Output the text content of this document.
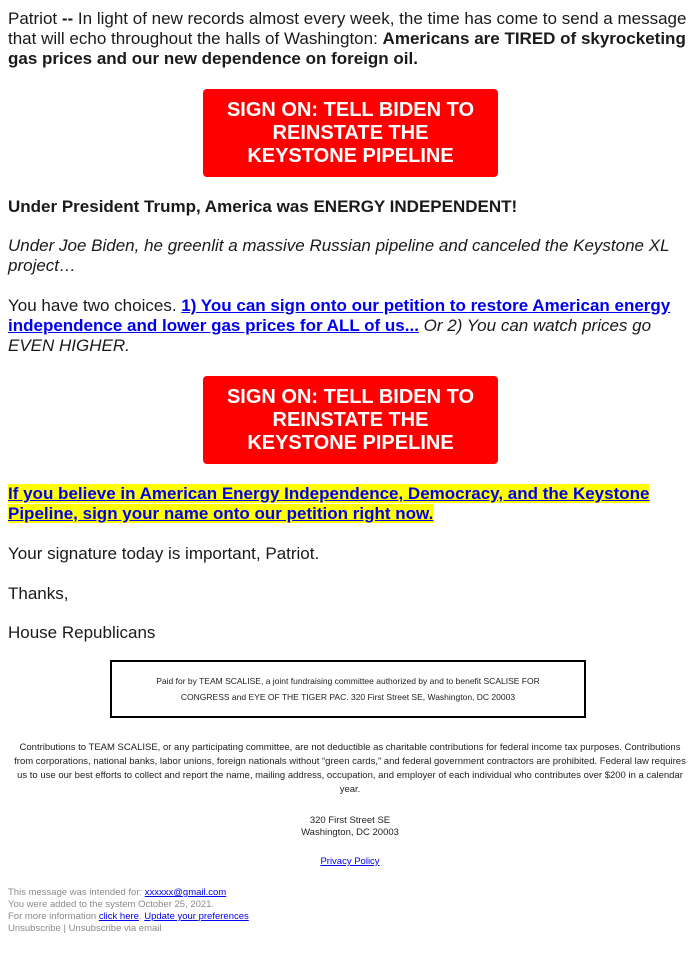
Patriot -- In light of new records almost every week, the time has come to send a message that will echo throughout the halls of Washington: Americans are TIRED of skyrocketing gas prices and our new dependence on foreign oil.

Under President Trump, America was ENERGY INDEPENDENT!

Under Joe Biden, he greenlit a massive Russian pipeline and canceled the Keystone XL project…

You have two choices. 1) You can sign onto our petition to restore American energy independence and lower gas prices for ALL of us... Or 2) You can watch prices go EVEN HIGHER.

If you believe in American Energy Independence, Democracy, and the Keystone Pipeline, sign your name onto our petition right now.

Your signature today is important, Patriot.

Thanks,

House Republicans

SIGN ON: TELL BIDEN TO REINSTATE THE KEYSTONE PIPELINE
SIGN ON: TELL BIDEN TO REINSTATE THE KEYSTONE PIPELINE
Paid for by TEAM SCALISE, a joint fundraising committee authorized by and to benefit SCALISE FOR CONGRESS and EYE OF THE TIGER PAC. 320 First Street SE, Washington, DC 20003
Contributions to TEAM SCALISE, or any participating committee, are not deductible as charitable contributions for federal income tax purposes. Contributions from corporations, national banks, labor unions, foreign nationals without “green cards,” and federal government contractors are prohibited. Federal law requires us to use our best efforts to collect and report the name, mailing address, occupation, and employer of each individual who contributes over $200 in a calendar year.
320 First Street SE
Washington, DC 20003
Privacy Policy
This message was intended for: xxxxxx@gmail.com
You were added to the system October 25, 2021.
For more information click here. Update your preferences
Unsubscribe | Unsubscribe via email
